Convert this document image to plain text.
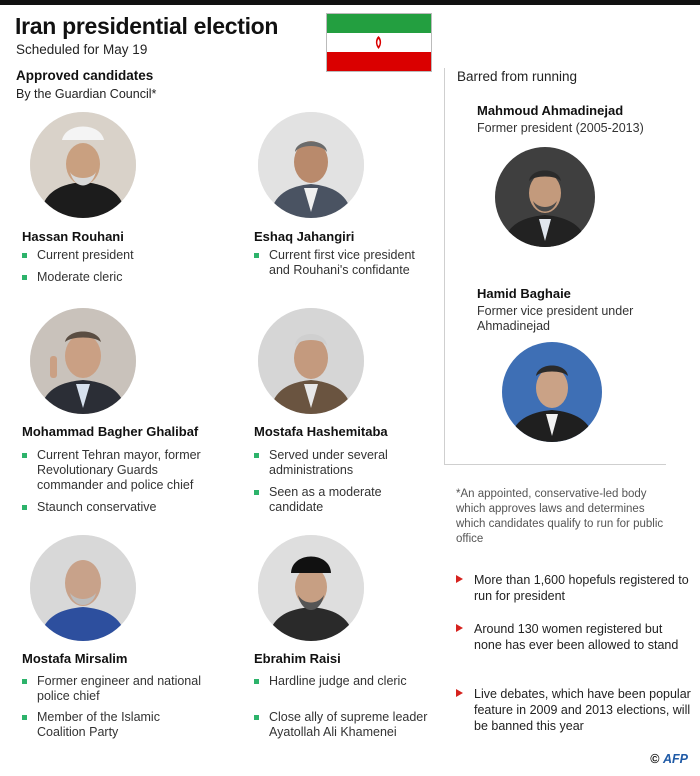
Iran presidential election
Scheduled for May 19
Approved candidates
By the Guardian Council*
Hassan Rouhani
Current president
Moderate cleric
Eshaq Jahangiri
Current first vice president and Rouhani's confidante
Mohammad Bagher Ghalibaf
Current Tehran mayor, former Revolutionary Guards commander and police chief
Staunch conservative
Mostafa Hashemitaba
Served under several administrations
Seen as a moderate candidate
Mostafa Mirsalim
Former engineer and national police chief
Member of the Islamic Coalition Party
Ebrahim Raisi
Hardline judge and cleric
Close ally of supreme leader Ayatollah Ali Khamenei
Barred from running
Mahmoud Ahmadinejad
Former president (2005-2013)
Hamid Baghaie
Former vice president under Ahmadinejad
*An appointed, conservative-led body which approves laws and determines which candidates qualify to run for public office
More than 1,600 hopefuls registered to run for president
Around 130 women registered but none has ever been allowed to stand
Live debates, which have been popular feature in 2009 and 2013 elections, will be banned this year
© AFP
